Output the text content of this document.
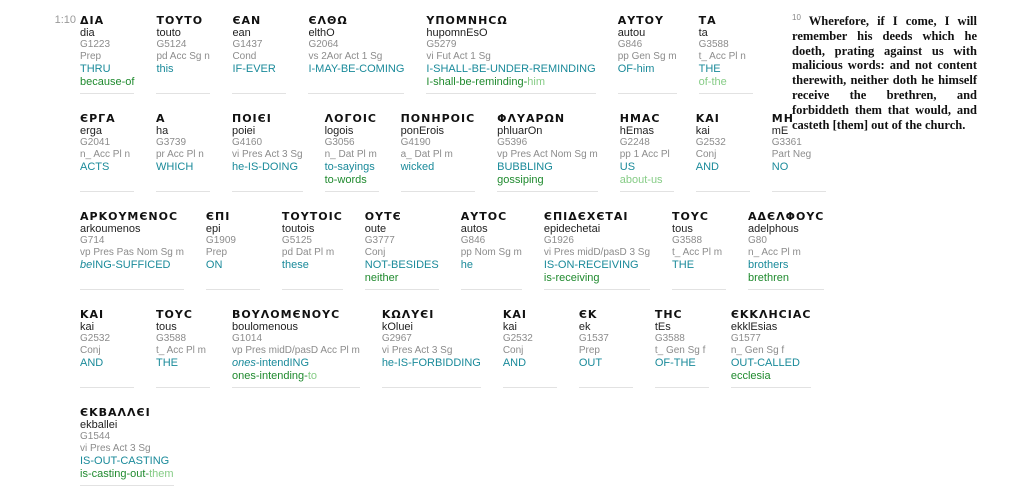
1:10 ΔΙΑ
dia
G1223
Prep
THRU
because-of
ΤΟΥΤΟ
touto
G5124
pd Acc Sg n
this
ЄΑΝ
ean
G1437
Cond
IF-EVER
ЄΛΘΩ
elthO
G2064
vs 2Aor Act 1 Sg
I-MAY-BE-COMING
ΥΠΟΜΝΗϹΩ
hupomnEsO
G5279
vi Fut Act 1 Sg
I-SHALL-BE-UNDER-REMINDING
I-shall-be-reminding-him
ΑΥΤΟΥ
autou
G846
pp Gen Sg m
OF-him
ΤΑ
ta
G3588
t_ Acc Pl n
THE
of-the
ЄΡΓΑ
erga
G2041
n_ Acc Pl n
ACTS
Α
ha
G3739
pr Acc Pl n
WHICH
ΠΟΙЄΙ
poiei
G4160
vi Pres Act 3 Sg
he-IS-DOING
ΛΟΓΟΙϹ
logois
G3056
n_ Dat Pl m
to-sayings
to-words
ΠΟΝΗΡΟΙϹ
ponErois
G4190
a_ Dat Pl m
wicked
ΦΛΥΑΡΩΝ
phluarOn
G5396
vp Pres Act Nom Sg m
BUBBLING
gossiping
ΗΜΑϹ
hEmas
G2248
pp 1 Acc Pl
US
about-us
ΚΑΙ
kai
G2532
Conj
AND
ΜΗ
mE
G3361
Part Neg
NO
ΑΡΚΟΥΜЄΝΟϹ
arkoumenos
G714
vp Pres Pas Nom Sg m
beING-SUFFICED
ЄΠΙ
epi
G1909
Prep
ON
ΤΟΥΤΟΙϹ
toutois
G5125
pd Dat Pl m
these
ΟΥΤЄ
oute
G3777
Conj
NOT-BESIDES
neither
ΑΥΤΟϹ
autos
G846
pp Nom Sg m
he
ЄΠΙΔЄΧЄΤΑΙ
epidechetai
G1926
vi Pres midD/pasD 3 Sg
IS-ON-RECEIVING
is-receiving
ΤΟΥϹ
tous
G3588
t_ Acc Pl m
THE
ΑΔЄΛΦΟΥϹ
adelphous
G80
n_ Acc Pl m
brothers
brethren
ΚΑΙ
kai
G2532
Conj
AND
ΤΟΥϹ
tous
G3588
t_ Acc Pl m
THE
ΒΟΥΛΟΜЄΝΟΥϹ
boulomenous
G1014
vp Pres midD/pasD Acc Pl m
ones-intendING
ones-intending-to
ΚΩΛΥЄΙ
kOluei
G2967
vi Pres Act 3 Sg
he-IS-FORBIDDING
ΚΑΙ
kai
G2532
Conj
AND
ЄΚ
ek
G1537
Prep
OUT
ΤΗϹ
tEs
G3588
t_ Gen Sg f
OF-THE
ЄΚΚΛΗϹΙΑϹ
ekklEsias
G1577
n_ Gen Sg f
OUT-CALLED
ecclesia
ЄΚΒΑΛΛЄΙ
ekballei
G1544
vi Pres Act 3 Sg
IS-OUT-CASTING
is-casting-out-them
$^{10}$ Wherefore, if I come, I will remember his deeds which he doeth, prating against us with malicious words: and not content therewith, neither doth he himself receive the brethren, and forbiddeth them that would, and casteth [them] out of the church.
